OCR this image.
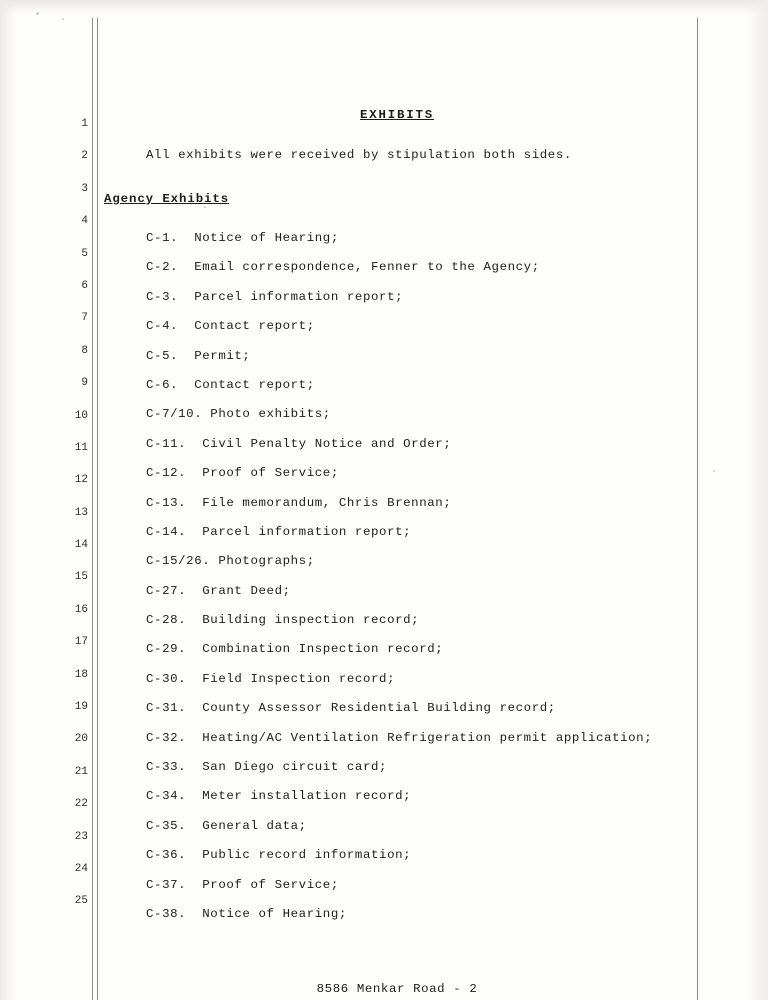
1
2
3
4
5
6
7
8
9
10
11
12
13
14
15
16
17
18
19
20
21
22
23
24
25
EXHIBITS

All exhibits were received by stipulation both sides.

Agency Exhibits
C-1.  Notice of Hearing;
C-2.  Email correspondence, Fenner to the Agency;
C-3.  Parcel information report;
C-4.  Contact report;
C-5.  Permit;
C-6.  Contact report;
C-7/10. Photo exhibits;
C-11.  Civil Penalty Notice and Order;
C-12.  Proof of Service;
C-13.  File memorandum, Chris Brennan;
C-14.  Parcel information report;
C-15/26. Photographs;
C-27.  Grant Deed;
C-28.  Building inspection record;
C-29.  Combination Inspection record;
C-30.  Field Inspection record;
C-31.  County Assessor Residential Building record;
C-32.  Heating/AC Ventilation Refrigeration permit application;
C-33.  San Diego circuit card;
C-34.  Meter installation record;
C-35.  General data;
C-36.  Public record information;
C-37.  Proof of Service;
C-38.  Notice of Hearing;
8586 Menkar Road - 2
